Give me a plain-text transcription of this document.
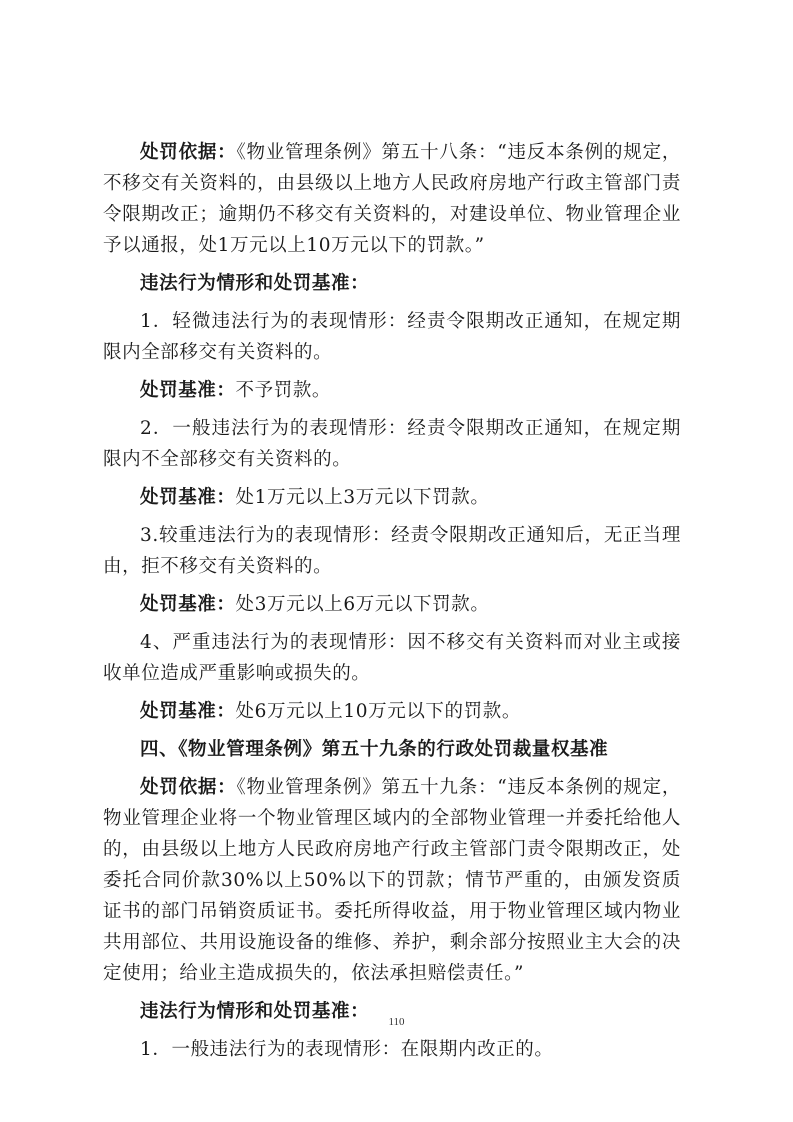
处罚依据：《物业管理条例》第五十八条：“违反本条例的规定，不移交有关资料的，由县级以上地方人民政府房地产行政主管部门责令限期改正；逾期仍不移交有关资料的，对建设单位、物业管理企业予以通报，处1万元以上10万元以下的罚款。”

违法行为情形和处罚基准：

1．轻微违法行为的表现情形：经责令限期改正通知，在规定期限内全部移交有关资料的。

处罚基准：不予罚款。

2．一般违法行为的表现情形：经责令限期改正通知，在规定期限内不全部移交有关资料的。

处罚基准：处1万元以上3万元以下罚款。

3.较重违法行为的表现情形：经责令限期改正通知后，无正当理由，拒不移交有关资料的。

处罚基准：处3万元以上6万元以下罚款。

4、严重违法行为的表现情形：因不移交有关资料而对业主或接收单位造成严重影响或损失的。

处罚基准：处6万元以上10万元以下的罚款。

四、《物业管理条例》第五十九条的行政处罚裁量权基准

处罚依据：《物业管理条例》第五十九条：“违反本条例的规定，物业管理企业将一个物业管理区域内的全部物业管理一并委托给他人的，由县级以上地方人民政府房地产行政主管部门责令限期改正，处委托合同价款30%以上50%以下的罚款；情节严重的，由颁发资质证书的部门吊销资质证书。委托所得收益，用于物业管理区域内物业共用部位、共用设施设备的维修、养护，剩余部分按照业主大会的决定使用；给业主造成损失的，依法承担赔偿责任。”

违法行为情形和处罚基准：

1．一般违法行为的表现情形：在限期内改正的。

110
